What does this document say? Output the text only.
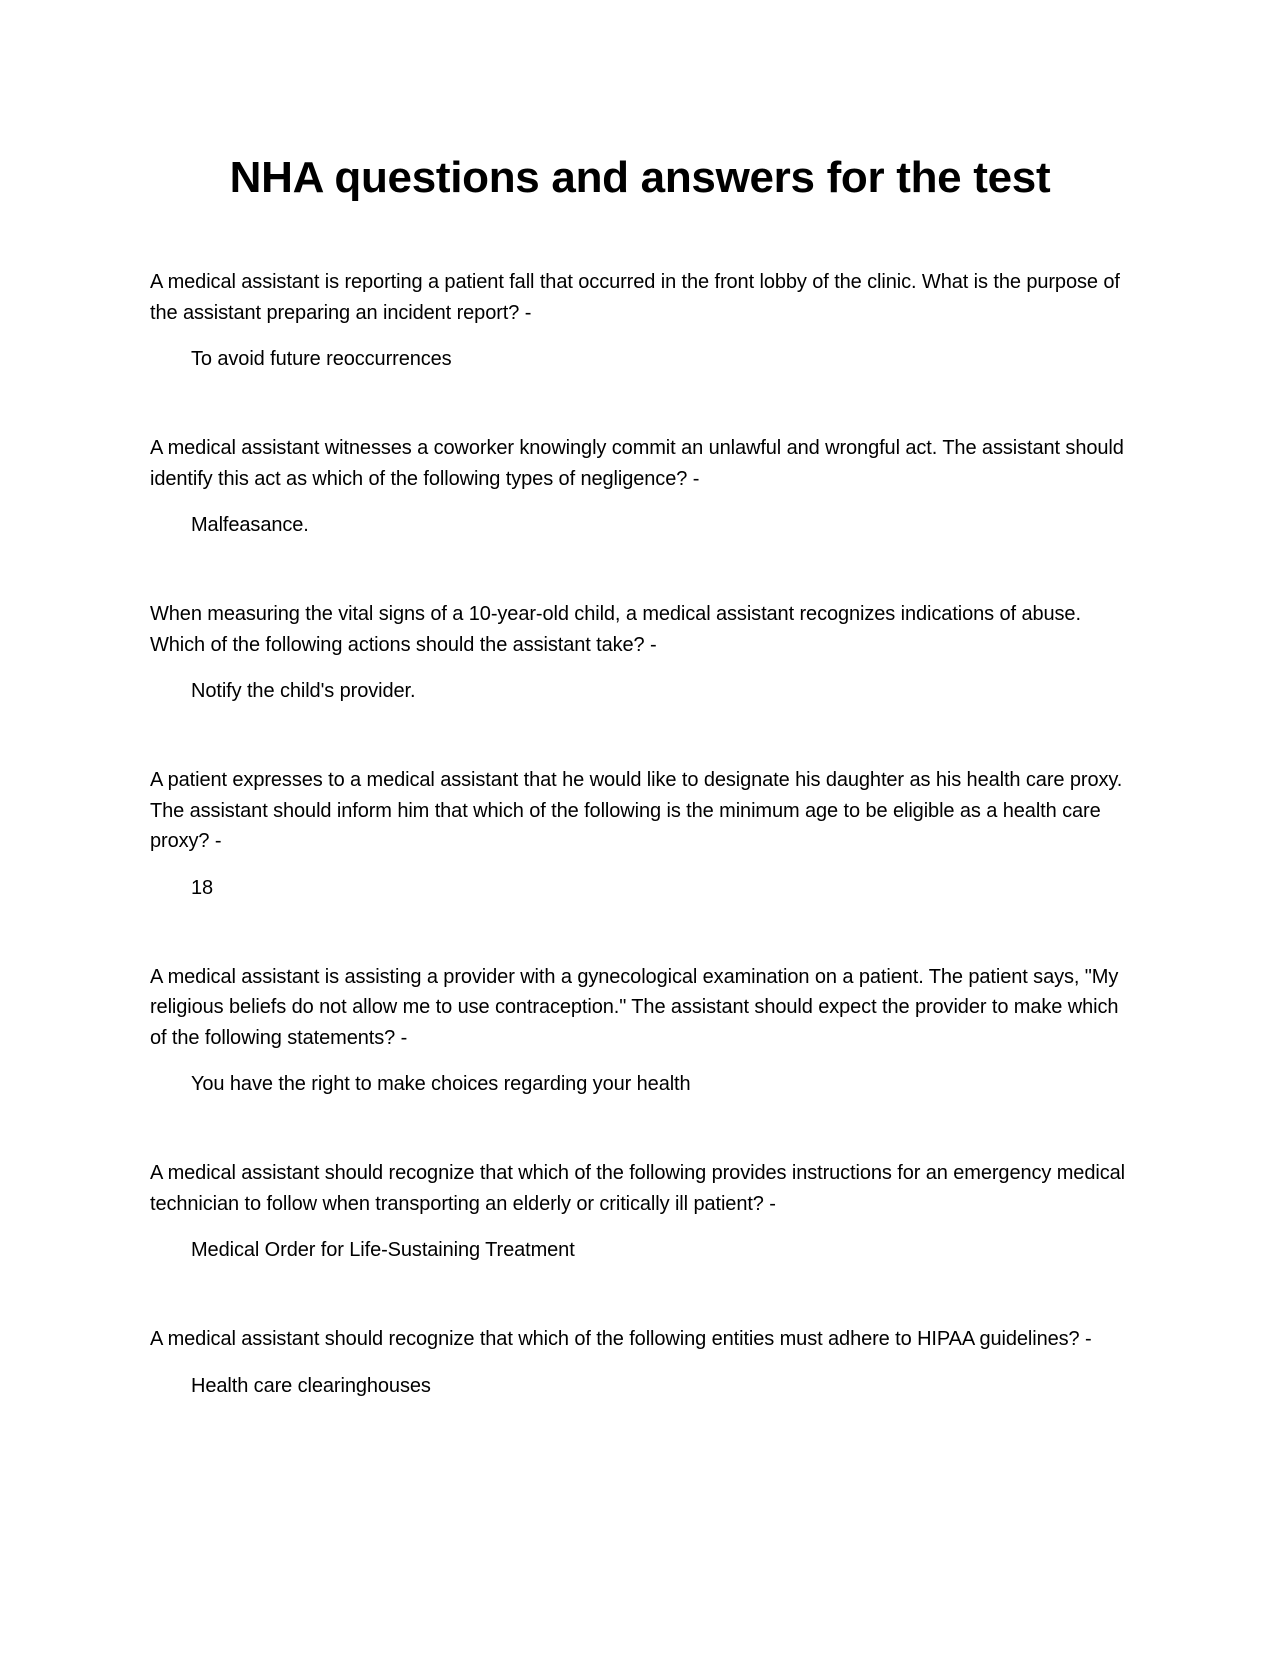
NHA questions and answers for the test

A medical assistant is reporting a patient fall that occurred in the front lobby of the clinic. What is the purpose of the assistant preparing an incident report? -

To avoid future reoccurrences

A medical assistant witnesses a coworker knowingly commit an unlawful and wrongful act. The assistant should identify this act as which of the following types of negligence? -

Malfeasance.

When measuring the vital signs of a 10-year-old child, a medical assistant recognizes indications of abuse. Which of the following actions should the assistant take? -

Notify the child's provider.

A patient expresses to a medical assistant that he would like to designate his daughter as his health care proxy. The assistant should inform him that which of the following is the minimum age to be eligible as a health care proxy? -

18

A medical assistant is assisting a provider with a gynecological examination on a patient. The patient says, "My religious beliefs do not allow me to use contraception." The assistant should expect the provider to make which of the following statements? -

You have the right to make choices regarding your health

A medical assistant should recognize that which of the following provides instructions for an emergency medical technician to follow when transporting an elderly or critically ill patient? -

Medical Order for Life-Sustaining Treatment

A medical assistant should recognize that which of the following entities must adhere to HIPAA guidelines? -

Health care clearinghouses
